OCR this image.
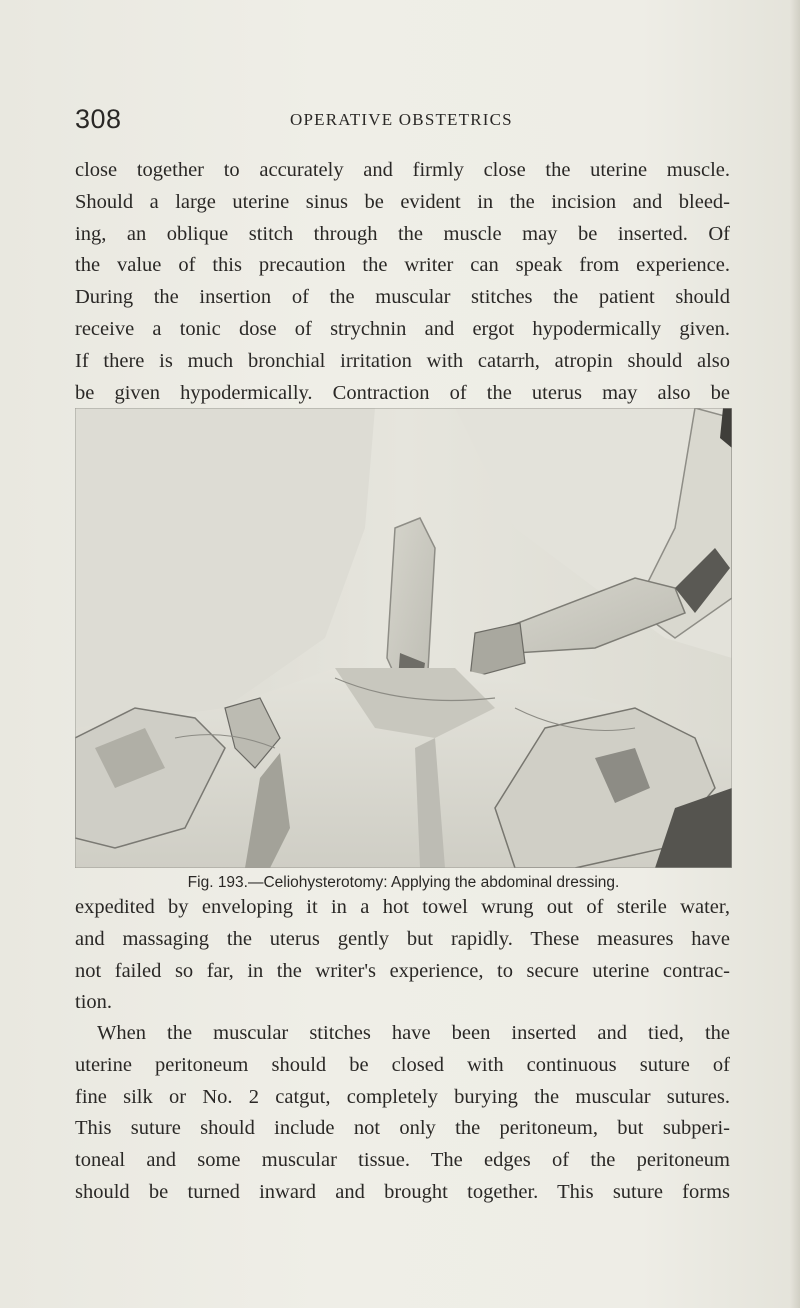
308	OPERATIVE OBSTETRICS
close together to accurately and firmly close the uterine muscle.
Should a large uterine sinus be evident in the incision and bleed-
ing, an oblique stitch through the muscle may be inserted. Of
the value of this precaution the writer can speak from experience.
During the insertion of the muscular stitches the patient should
receive a tonic dose of strychnin and ergot hypodermically given.
If there is much bronchial irritation with catarrh, atropin should also
be given hypodermically. Contraction of the uterus may also be
Fig. 193.—Celiohysterotomy: Applying the abdominal dressing.
expedited by enveloping it in a hot towel wrung out of sterile water,
and massaging the uterus gently but rapidly. These measures have
not failed so far, in the writer's experience, to secure uterine contrac-
tion.
When the muscular stitches have been inserted and tied, the
uterine peritoneum should be closed with continuous suture of
fine silk or No. 2 catgut, completely burying the muscular sutures.
This suture should include not only the peritoneum, but subperi-
toneal and some muscular tissue. The edges of the peritoneum
should be turned inward and brought together. This suture forms
